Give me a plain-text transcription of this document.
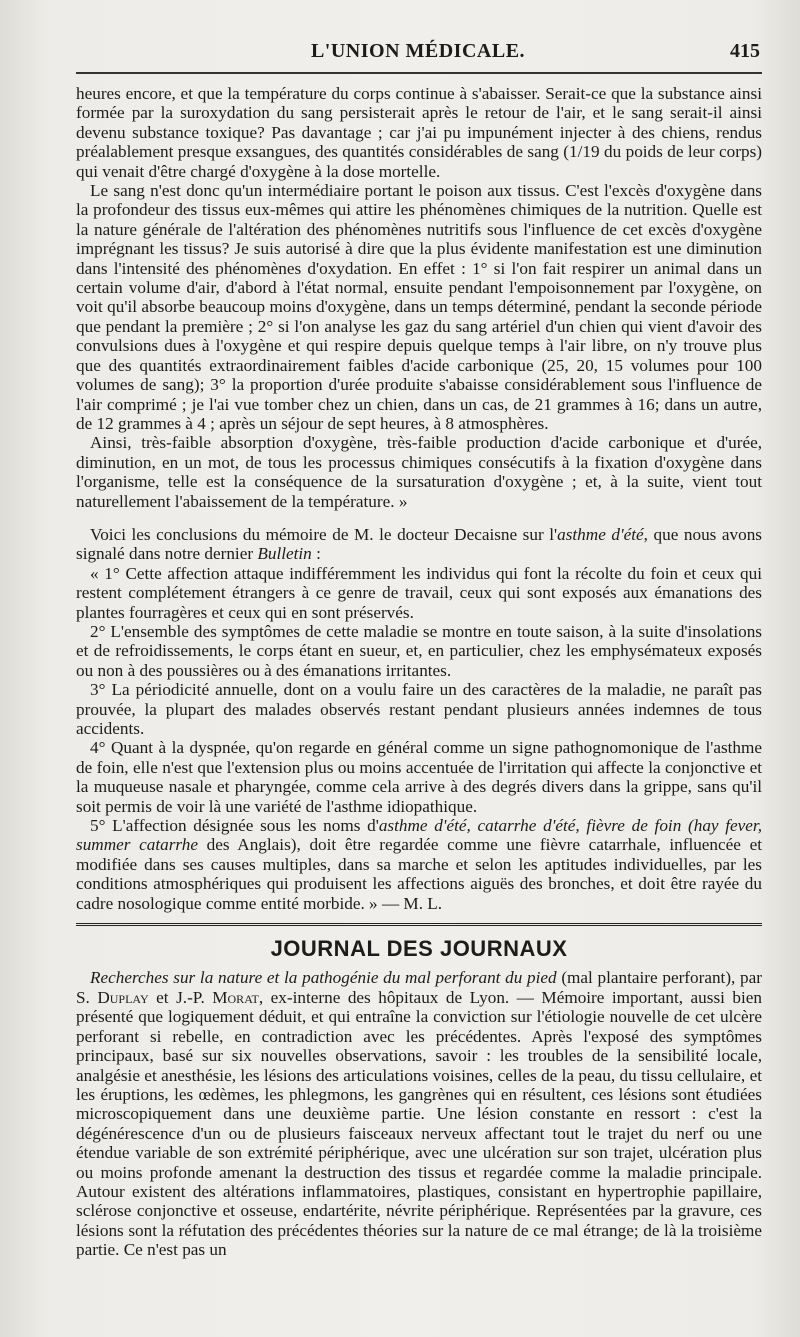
L'UNION MÉDICALE.	415

heures encore, et que la température du corps continue à s'abaisser. Serait-ce que la substance ainsi formée par la suroxydation du sang persisterait après le retour de l'air, et le sang serait-il ainsi devenu substance toxique? Pas davantage ; car j'ai pu impunément injecter à des chiens, rendus préalablement presque exsangues, des quantités considérables de sang (1/19 du poids de leur corps) qui venait d'être chargé d'oxygène à la dose mortelle.

Le sang n'est donc qu'un intermédiaire portant le poison aux tissus. C'est l'excès d'oxygène dans la profondeur des tissus eux-mêmes qui attire les phénomènes chimiques de la nutrition. Quelle est la nature générale de l'altération des phénomènes nutritifs sous l'influence de cet excès d'oxygène imprégnant les tissus? Je suis autorisé à dire que la plus évidente manifestation est une diminution dans l'intensité des phénomènes d'oxydation. En effet : 1° si l'on fait respirer un animal dans un certain volume d'air, d'abord à l'état normal, ensuite pendant l'empoisonnement par l'oxygène, on voit qu'il absorbe beaucoup moins d'oxygène, dans un temps déterminé, pendant la seconde période que pendant la première ; 2° si l'on analyse les gaz du sang artériel d'un chien qui vient d'avoir des convulsions dues à l'oxygène et qui respire depuis quelque temps à l'air libre, on n'y trouve plus que des quantités extraordinairement faibles d'acide carbonique (25, 20, 15 volumes pour 100 volumes de sang); 3° la proportion d'urée produite s'abaisse considérablement sous l'influence de l'air comprimé ; je l'ai vue tomber chez un chien, dans un cas, de 21 grammes à 16; dans un autre, de 12 grammes à 4 ; après un séjour de sept heures, à 8 atmosphères.

Ainsi, très-faible absorption d'oxygène, très-faible production d'acide carbonique et d'urée, diminution, en un mot, de tous les processus chimiques consécutifs à la fixation d'oxygène dans l'organisme, telle est la conséquence de la sursaturation d'oxygène ; et, à la suite, vient tout naturellement l'abaissement de la température. »

Voici les conclusions du mémoire de M. le docteur Decaisne sur l'asthme d'été, que nous avons signalé dans notre dernier Bulletin :

« 1° Cette affection attaque indifféremment les individus qui font la récolte du foin et ceux qui restent complétement étrangers à ce genre de travail, ceux qui sont exposés aux émanations des plantes fourragères et ceux qui en sont préservés.

2° L'ensemble des symptômes de cette maladie se montre en toute saison, à la suite d'insolations et de refroidissements, le corps étant en sueur, et, en particulier, chez les emphysémateux exposés ou non à des poussières ou à des émanations irritantes.

3° La périodicité annuelle, dont on a voulu faire un des caractères de la maladie, ne paraît pas prouvée, la plupart des malades observés restant pendant plusieurs années indemnes de tous accidents.

4° Quant à la dyspnée, qu'on regarde en général comme un signe pathognomonique de l'asthme de foin, elle n'est que l'extension plus ou moins accentuée de l'irritation qui affecte la conjonctive et la muqueuse nasale et pharyngée, comme cela arrive à des degrés divers dans la grippe, sans qu'il soit permis de voir là une variété de l'asthme idiopathique.

5° L'affection désignée sous les noms d'asthme d'été, catarrhe d'été, fièvre de foin (hay fever, summer catarrhe des Anglais), doit être regardée comme une fièvre catarrhale, influencée et modifiée dans ses causes multiples, dans sa marche et selon les aptitudes individuelles, par les conditions atmosphériques qui produisent les affections aiguës des bronches, et doit être rayée du cadre nosologique comme entité morbide. » — M. L.

JOURNAL DES JOURNAUX

Recherches sur la nature et la pathogénie du mal perforant du pied (mal plantaire perforant), par S. Duplay et J.-P. Morat, ex-interne des hôpitaux de Lyon. — Mémoire important, aussi bien présenté que logiquement déduit, et qui entraîne la conviction sur l'étiologie nouvelle de cet ulcère perforant si rebelle, en contradiction avec les précédentes. Après l'exposé des symptômes principaux, basé sur six nouvelles observations, savoir : les troubles de la sensibilité locale, analgésie et anesthésie, les lésions des articulations voisines, celles de la peau, du tissu cellulaire, et les éruptions, les œdèmes, les phlegmons, les gangrènes qui en résultent, ces lésions sont étudiées microscopiquement dans une deuxième partie. Une lésion constante en ressort : c'est la dégénérescence d'un ou de plusieurs faisceaux nerveux affectant tout le trajet du nerf ou une étendue variable de son extrémité périphérique, avec une ulcération sur son trajet, ulcération plus ou moins profonde amenant la destruction des tissus et regardée comme la maladie principale. Autour existent des altérations inflammatoires, plastiques, consistant en hypertrophie papillaire, sclérose conjonctive et osseuse, endartérite, névrite périphérique. Représentées par la gravure, ces lésions sont la réfutation des précédentes théories sur la nature de ce mal étrange; de là la troisième partie. Ce n'est pas un
